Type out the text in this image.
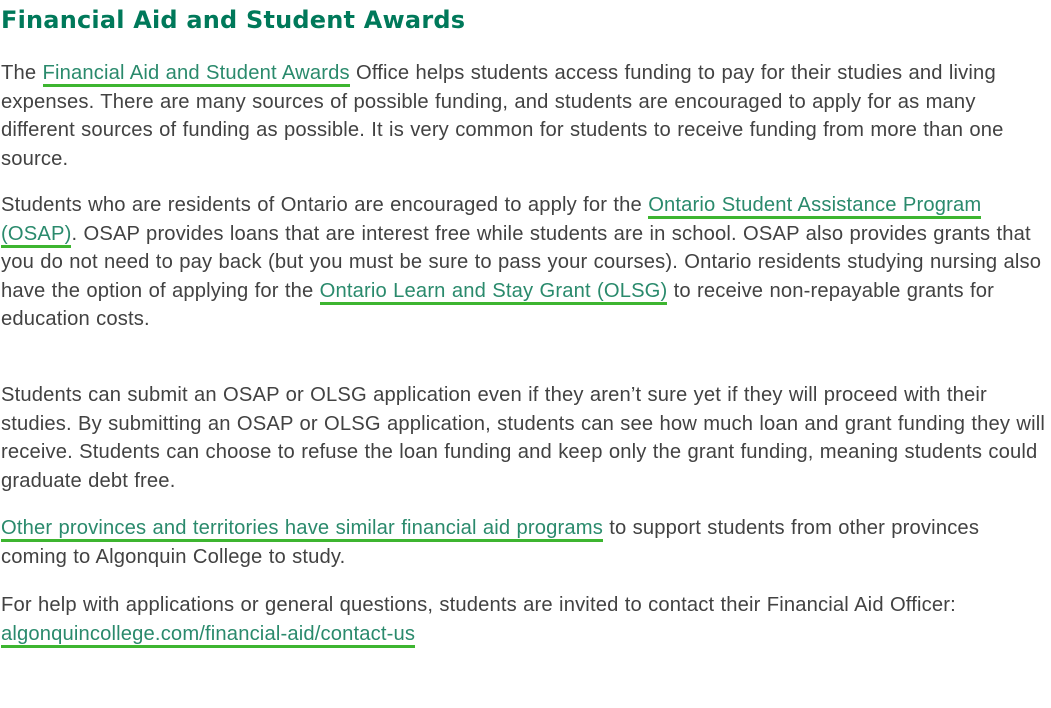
Financial Aid and Student Awards

The Financial Aid and Student Awards Office helps students access funding to pay for their studies and living expenses. There are many sources of possible funding, and students are encouraged to apply for as many different sources of funding as possible. It is very common for students to receive funding from more than one source.

Students who are residents of Ontario are encouraged to apply for the Ontario Student Assistance Program (OSAP). OSAP provides loans that are interest free while students are in school. OSAP also provides grants that you do not need to pay back (but you must be sure to pass your courses). Ontario residents studying nursing also have the option of applying for the Ontario Learn and Stay Grant (OLSG) to receive non-repayable grants for education costs.

Students can submit an OSAP or OLSG application even if they aren’t sure yet if they will proceed with their studies. By submitting an OSAP or OLSG application, students can see how much loan and grant funding they will receive. Students can choose to refuse the loan funding and keep only the grant funding, meaning students could graduate debt free.

Other provinces and territories have similar financial aid programs to support students from other provinces coming to Algonquin College to study.

For help with applications or general questions, students are invited to contact their Financial Aid Officer: algonquincollege.com/financial-aid/contact-us
